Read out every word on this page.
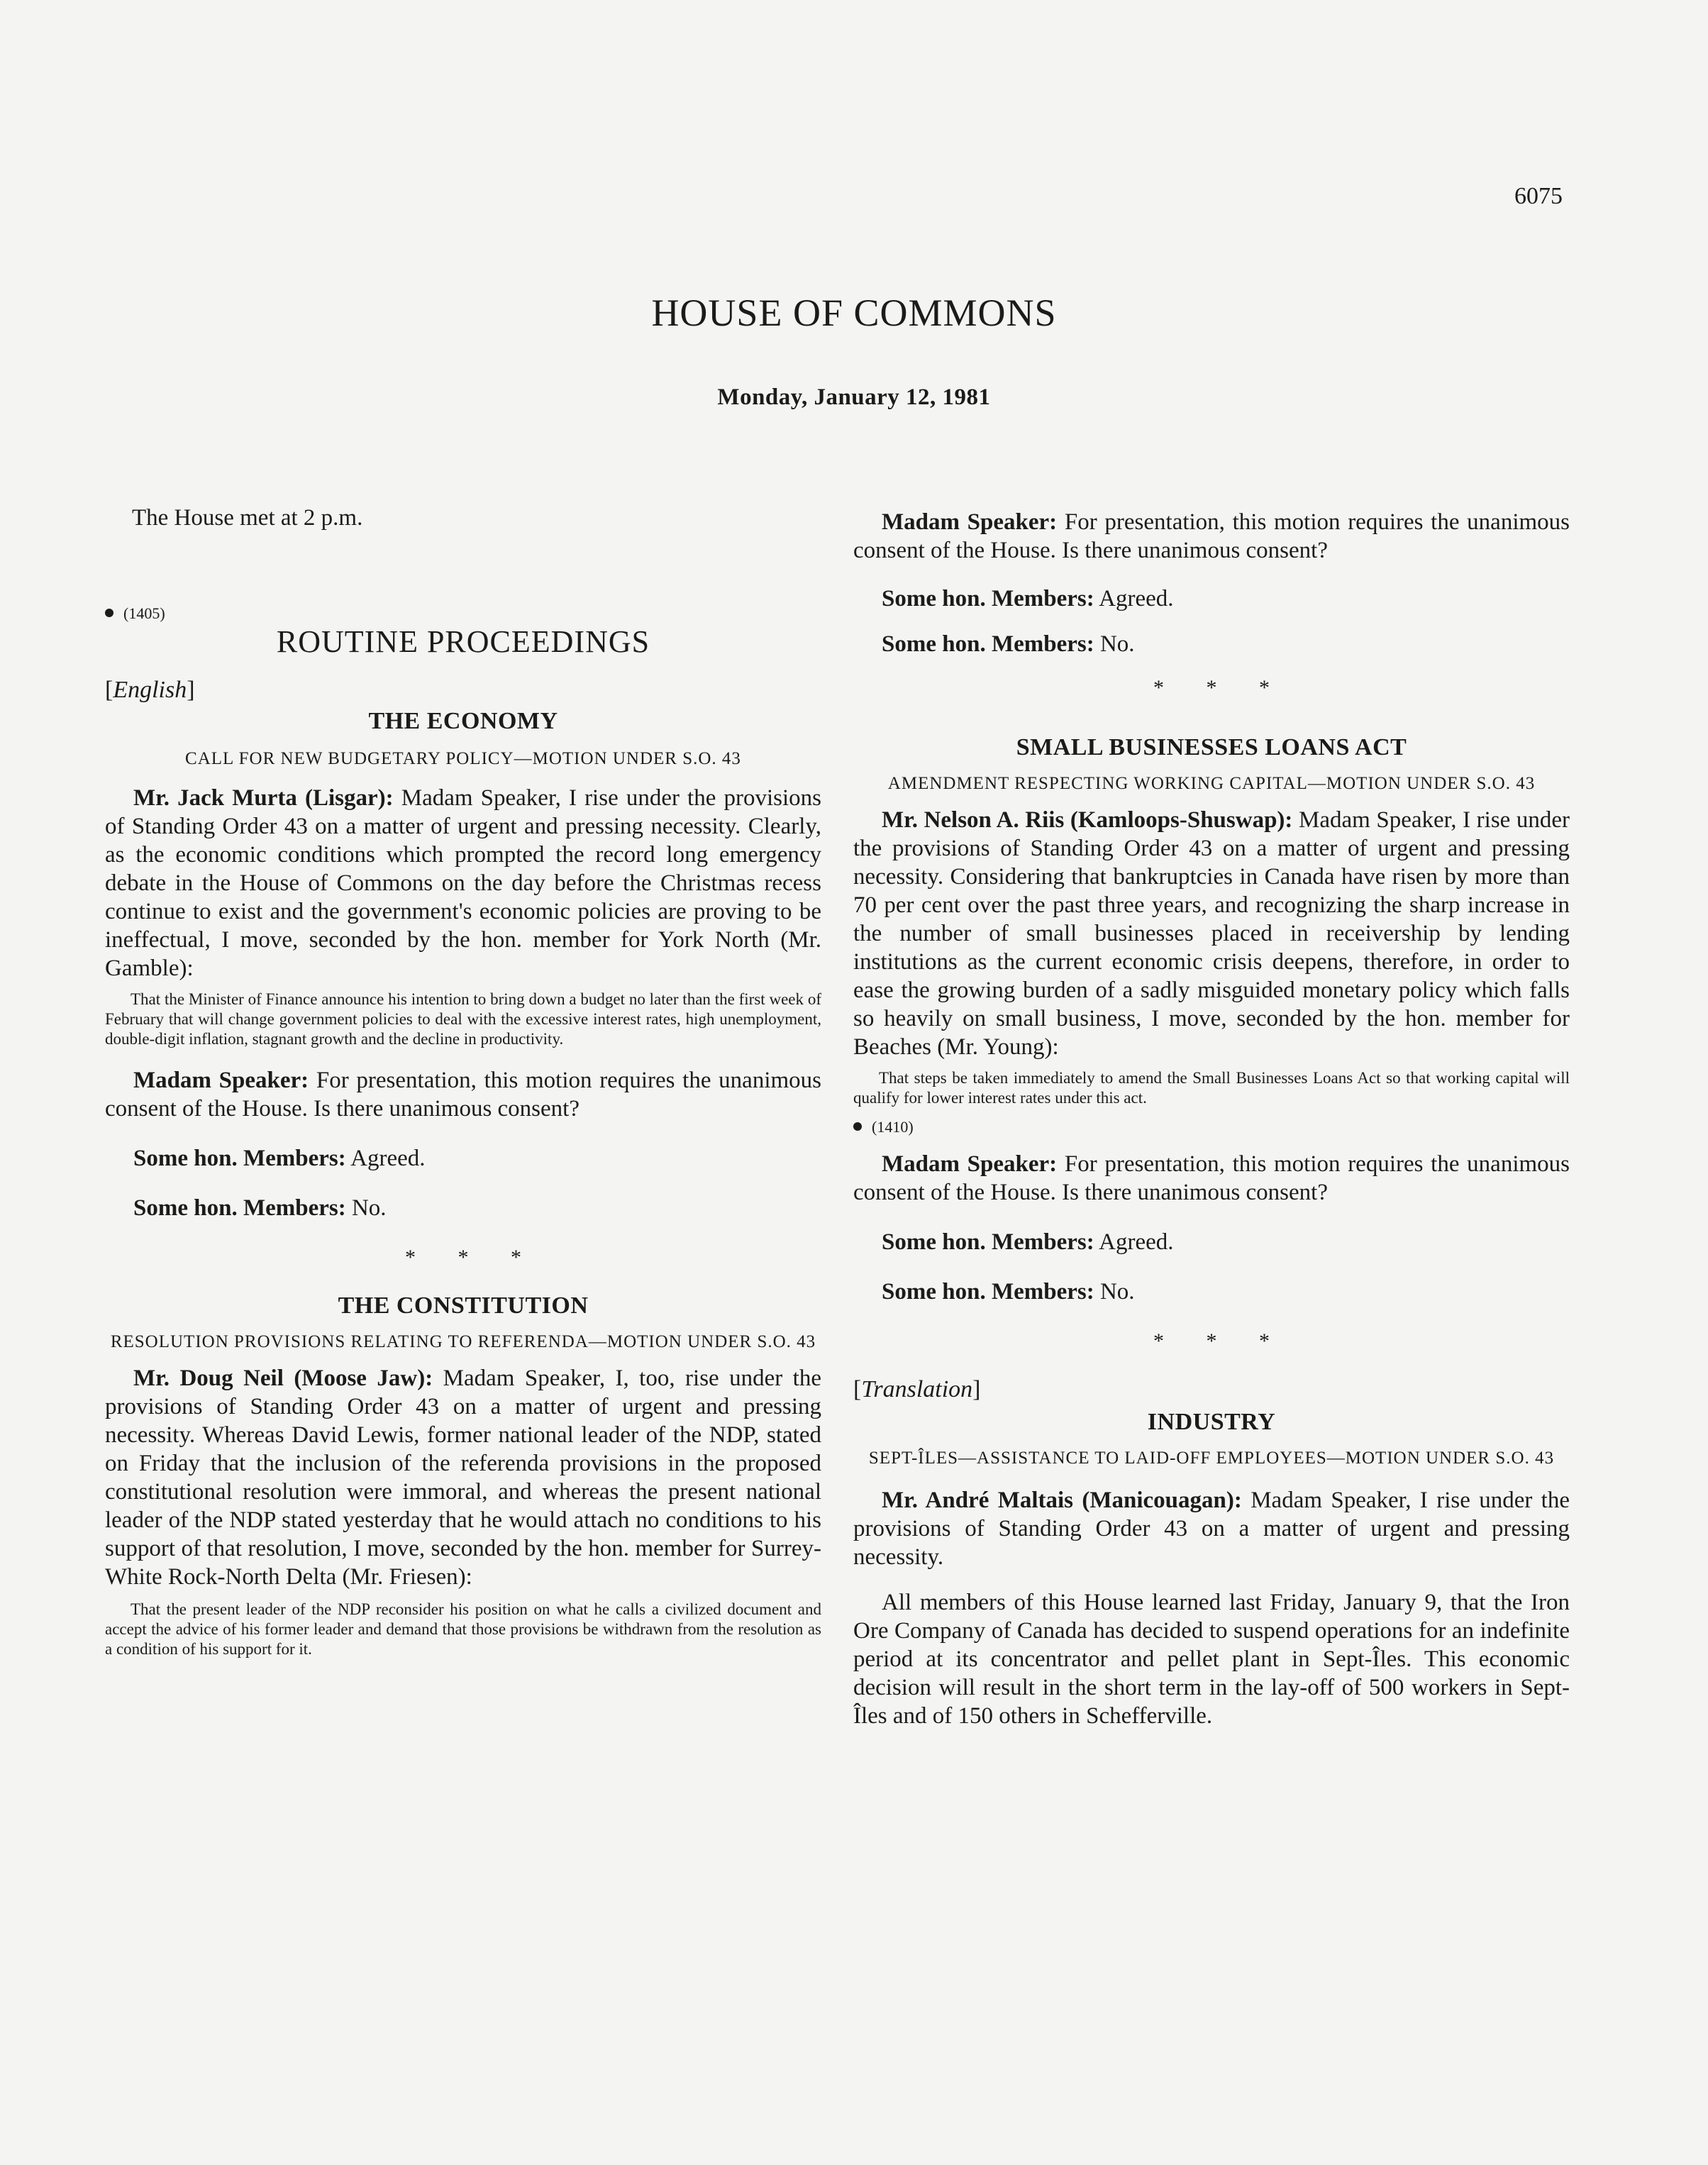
6075
HOUSE OF COMMONS
Monday, January 12, 1981

The House met at 2 p.m.

(1405)

ROUTINE PROCEEDINGS

[English]

THE ECONOMY

CALL FOR NEW BUDGETARY POLICY—MOTION UNDER S.O. 43

Mr. Jack Murta (Lisgar): Madam Speaker, I rise under the provisions of Standing Order 43 on a matter of urgent and pressing necessity. Clearly, as the economic conditions which prompted the record long emergency debate in the House of Commons on the day before the Christmas recess continue to exist and the government's economic policies are proving to be ineffectual, I move, seconded by the hon. member for York North (Mr. Gamble):

That the Minister of Finance announce his intention to bring down a budget no later than the first week of February that will change government policies to deal with the excessive interest rates, high unemployment, double-digit inflation, stagnant growth and the decline in productivity.

Madam Speaker: For presentation, this motion requires the unanimous consent of the House. Is there unanimous consent?

Some hon. Members: Agreed.

Some hon. Members: No.

* * *

THE CONSTITUTION

RESOLUTION PROVISIONS RELATING TO REFERENDA—MOTION UNDER S.O. 43

Mr. Doug Neil (Moose Jaw): Madam Speaker, I, too, rise under the provisions of Standing Order 43 on a matter of urgent and pressing necessity. Whereas David Lewis, former national leader of the NDP, stated on Friday that the inclusion of the referenda provisions in the proposed constitutional resolution were immoral, and whereas the present national leader of the NDP stated yesterday that he would attach no conditions to his support of that resolution, I move, seconded by the hon. member for Surrey-White Rock-North Delta (Mr. Friesen):

That the present leader of the NDP reconsider his position on what he calls a civilized document and accept the advice of his former leader and demand that those provisions be withdrawn from the resolution as a condition of his support for it.

Madam Speaker: For presentation, this motion requires the unanimous consent of the House. Is there unanimous consent?

Some hon. Members: Agreed.

Some hon. Members: No.

* * *

SMALL BUSINESSES LOANS ACT

AMENDMENT RESPECTING WORKING CAPITAL—MOTION UNDER S.O. 43

Mr. Nelson A. Riis (Kamloops-Shuswap): Madam Speaker, I rise under the provisions of Standing Order 43 on a matter of urgent and pressing necessity. Considering that bankruptcies in Canada have risen by more than 70 per cent over the past three years, and recognizing the sharp increase in the number of small businesses placed in receivership by lending institutions as the current economic crisis deepens, therefore, in order to ease the growing burden of a sadly misguided monetary policy which falls so heavily on small business, I move, seconded by the hon. member for Beaches (Mr. Young):

That steps be taken immediately to amend the Small Businesses Loans Act so that working capital will qualify for lower interest rates under this act.

(1410)

Madam Speaker: For presentation, this motion requires the unanimous consent of the House. Is there unanimous consent?

Some hon. Members: Agreed.

Some hon. Members: No.

* * *

[Translation]

INDUSTRY

SEPT-ÎLES—ASSISTANCE TO LAID-OFF EMPLOYEES—MOTION UNDER S.O. 43

Mr. André Maltais (Manicouagan): Madam Speaker, I rise under the provisions of Standing Order 43 on a matter of urgent and pressing necessity.

All members of this House learned last Friday, January 9, that the Iron Ore Company of Canada has decided to suspend operations for an indefinite period at its concentrator and pellet plant in Sept-Îles. This economic decision will result in the short term in the lay-off of 500 workers in Sept-Îles and of 150 others in Schefferville.
